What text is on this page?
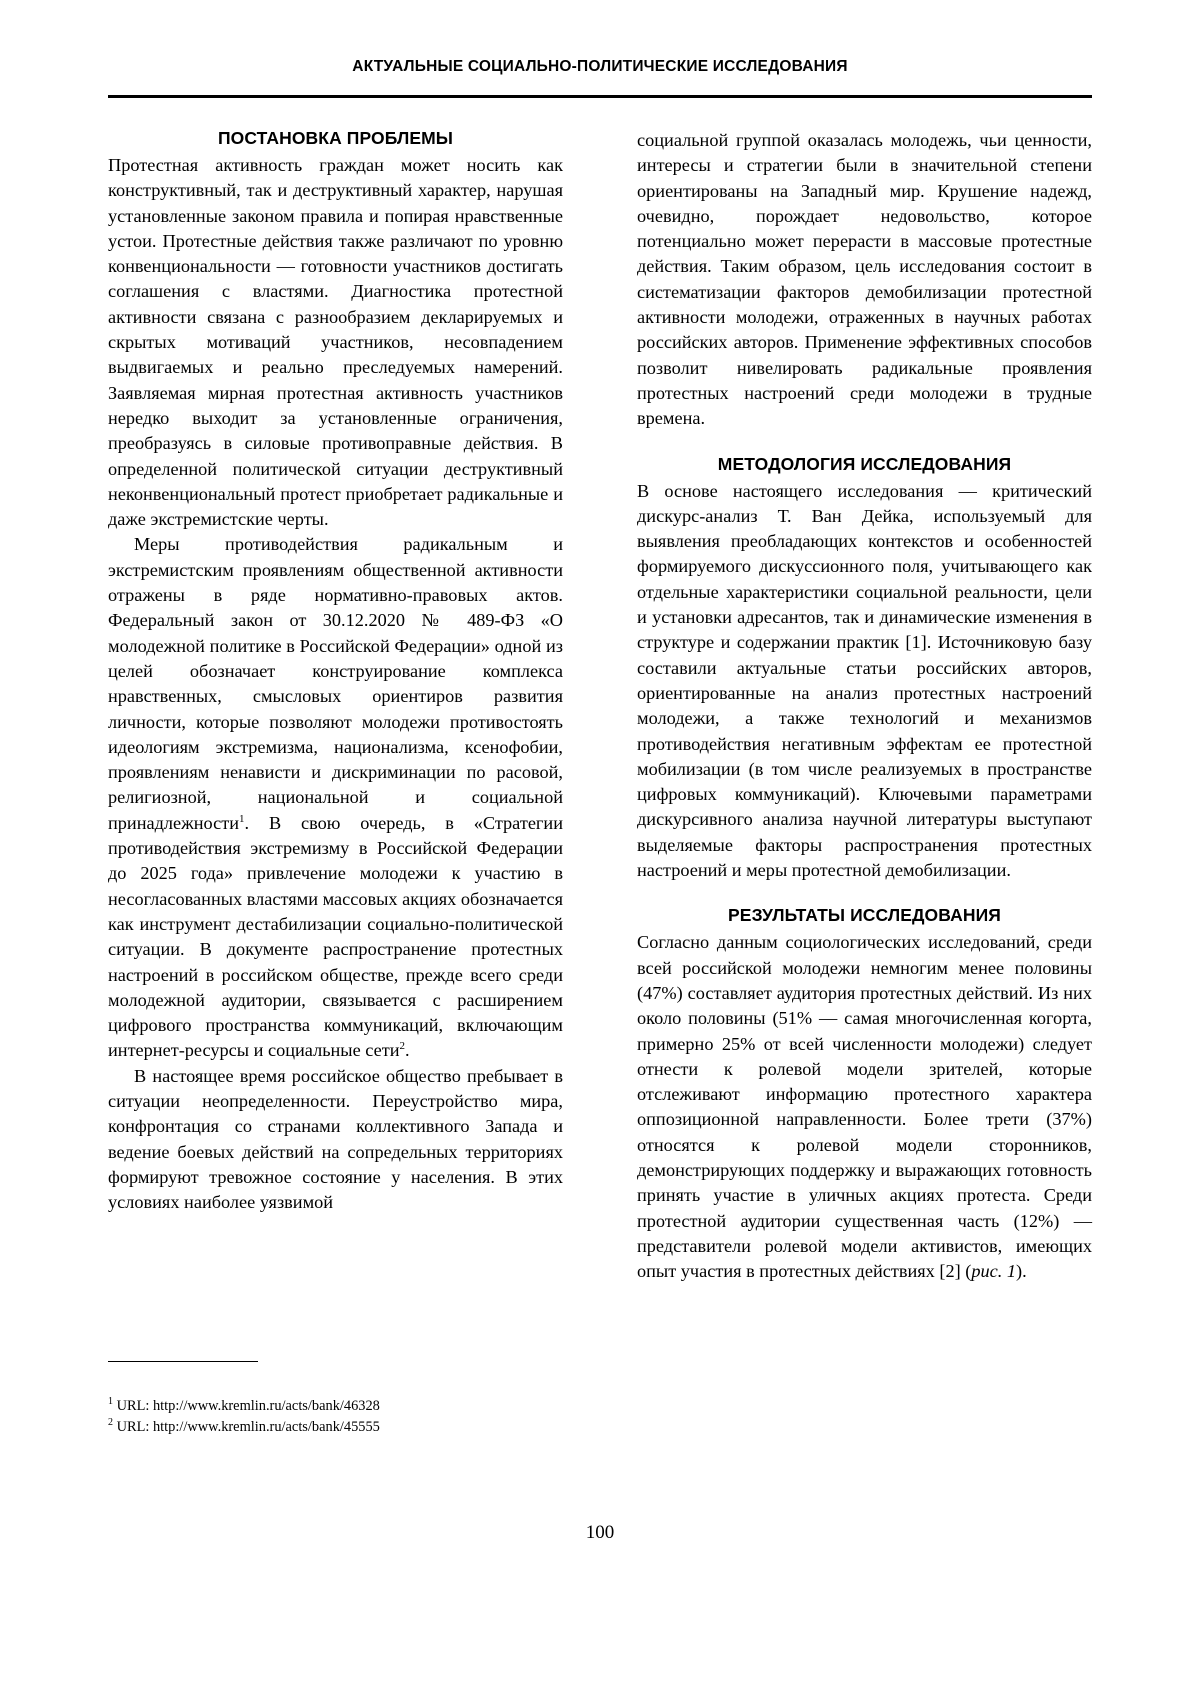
АКТУАЛЬНЫЕ СОЦИАЛЬНО-ПОЛИТИЧЕСКИЕ ИССЛЕДОВАНИЯ
ПОСТАНОВКА ПРОБЛЕМЫ

Протестная активность граждан может носить как конструктивный, так и деструктивный характер, нарушая установленные законом правила и попирая нравственные устои. Протестные действия также различают по уровню конвенциональности — готовности участников достигать соглашения с властями. Диагностика протестной активности связана с разнообразием декларируемых и скрытых мотиваций участников, несовпадением выдвигаемых и реально преследуемых намерений. Заявляемая мирная протестная активность участников нередко выходит за установленные ограничения, преобразуясь в силовые противоправные действия. В определенной политической ситуации деструктивный неконвенциональный протест приобретает радикальные и даже экстремистские черты.

Меры противодействия радикальным и экстремистским проявлениям общественной активности отражены в ряде нормативно-правовых актов. Федеральный закон от 30.12.2020 № 489-ФЗ «О молодежной политике в Российской Федерации» одной из целей обозначает конструирование комплекса нравственных, смысловых ориентиров развития личности, которые позволяют молодежи противостоять идеологиям экстремизма, национализма, ксенофобии, проявлениям ненависти и дискриминации по расовой, религиозной, национальной и социальной принадлежности$^1$. В свою очередь, в «Стратегии противодействия экстремизму в Российской Федерации до 2025 года» привлечение молодежи к участию в несогласованных властями массовых акциях обозначается как инструмент дестабилизации социально-политической ситуации. В документе распространение протестных настроений в российском обществе, прежде всего среди молодежной аудитории, связывается с расширением цифрового пространства коммуникаций, включающим интернет-ресурсы и социальные сети$^2$.

В настоящее время российское общество пребывает в ситуации неопределенности. Переустройство мира, конфронтация со странами коллективного Запада и ведение боевых действий на сопредельных территориях формируют тревожное состояние у населения. В этих условиях наиболее уязвимой

$^1$ URL: http://www.kremlin.ru/acts/bank/46328

$^2$ URL: http://www.kremlin.ru/acts/bank/45555

социальной группой оказалась молодежь, чьи ценности, интересы и стратегии были в значительной степени ориентированы на Западный мир. Крушение надежд, очевидно, порождает недовольство, которое потенциально может перерасти в массовые протестные действия. Таким образом, цель исследования состоит в систематизации факторов демобилизации протестной активности молодежи, отраженных в научных работах российских авторов. Применение эффективных способов позволит нивелировать радикальные проявления протестных настроений среди молодежи в трудные времена.

МЕТОДОЛОГИЯ ИССЛЕДОВАНИЯ

В основе настоящего исследования — критический дискурс-анализ Т. Ван Дейка, используемый для выявления преобладающих контекстов и особенностей формируемого дискуссионного поля, учитывающего как отдельные характеристики социальной реальности, цели и установки адресантов, так и динамические изменения в структуре и содержании практик [1]. Источниковую базу составили актуальные статьи российских авторов, ориентированные на анализ протестных настроений молодежи, а также технологий и механизмов противодействия негативным эффектам ее протестной мобилизации (в том числе реализуемых в пространстве цифровых коммуникаций). Ключевыми параметрами дискурсивного анализа научной литературы выступают выделяемые факторы распространения протестных настроений и меры протестной демобилизации.

РЕЗУЛЬТАТЫ ИССЛЕДОВАНИЯ

Согласно данным социологических исследований, среди всей российской молодежи немногим менее половины (47%) составляет аудитория протестных действий. Из них около половины (51% — самая многочисленная когорта, примерно 25% от всей численности молодежи) следует отнести к ролевой модели зрителей, которые отслеживают информацию протестного характера оппозиционной направленности. Более трети (37%) относятся к ролевой модели сторонников, демонстрирующих поддержку и выражающих готовность принять участие в уличных акциях протеста. Среди протестной аудитории существенная часть (12%) — представители ролевой модели активистов, имеющих опыт участия в протестных действиях [2] (рис. 1).

100
